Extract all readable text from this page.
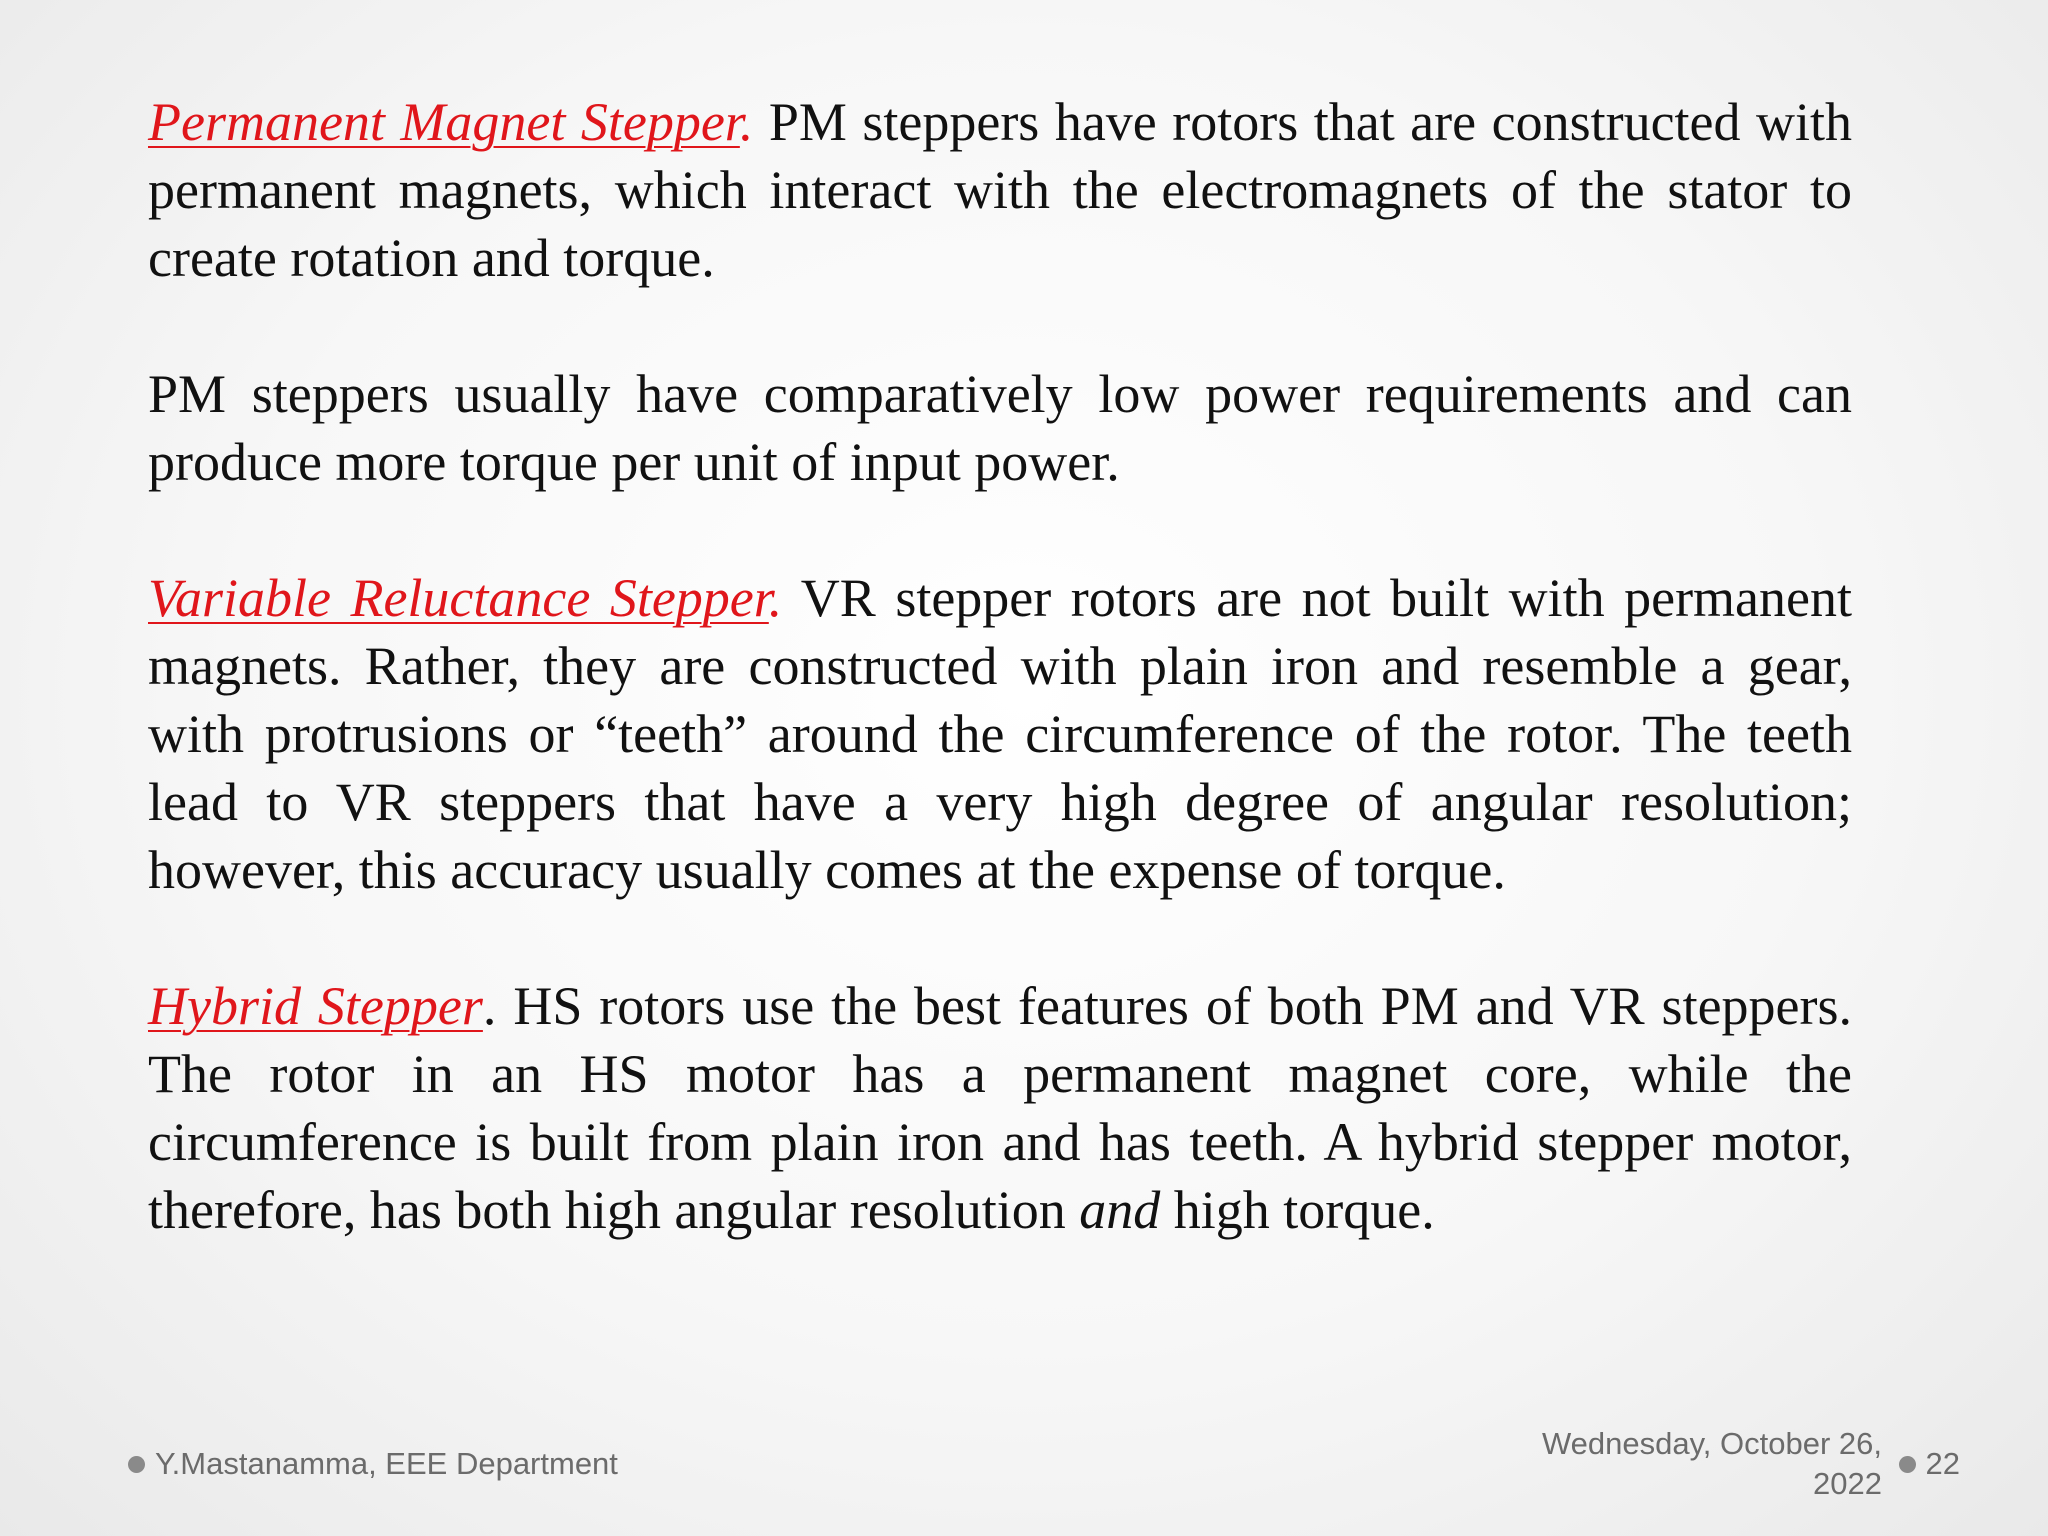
Permanent Magnet Stepper. PM steppers have rotors that are constructed with permanent magnets, which interact with the electromagnets of the stator to create rotation and torque.

PM steppers usually have comparatively low power requirements and can produce more torque per unit of input power.

Variable Reluctance Stepper. VR stepper rotors are not built with permanent magnets. Rather, they are constructed with plain iron and resemble a gear, with protrusions or “teeth” around the circumference of the rotor. The teeth lead to VR steppers that have a very high degree of angular resolution; however, this accuracy usually comes at the expense of torque.

Hybrid Stepper. HS rotors use the best features of both PM and VR steppers. The rotor in an HS motor has a permanent magnet core, while the circumference is built from plain iron and has teeth. A hybrid stepper motor, therefore, has both high angular resolution and high torque.

Y.Mastanamma, EEE Department
Wednesday, October 26,
2022
22
